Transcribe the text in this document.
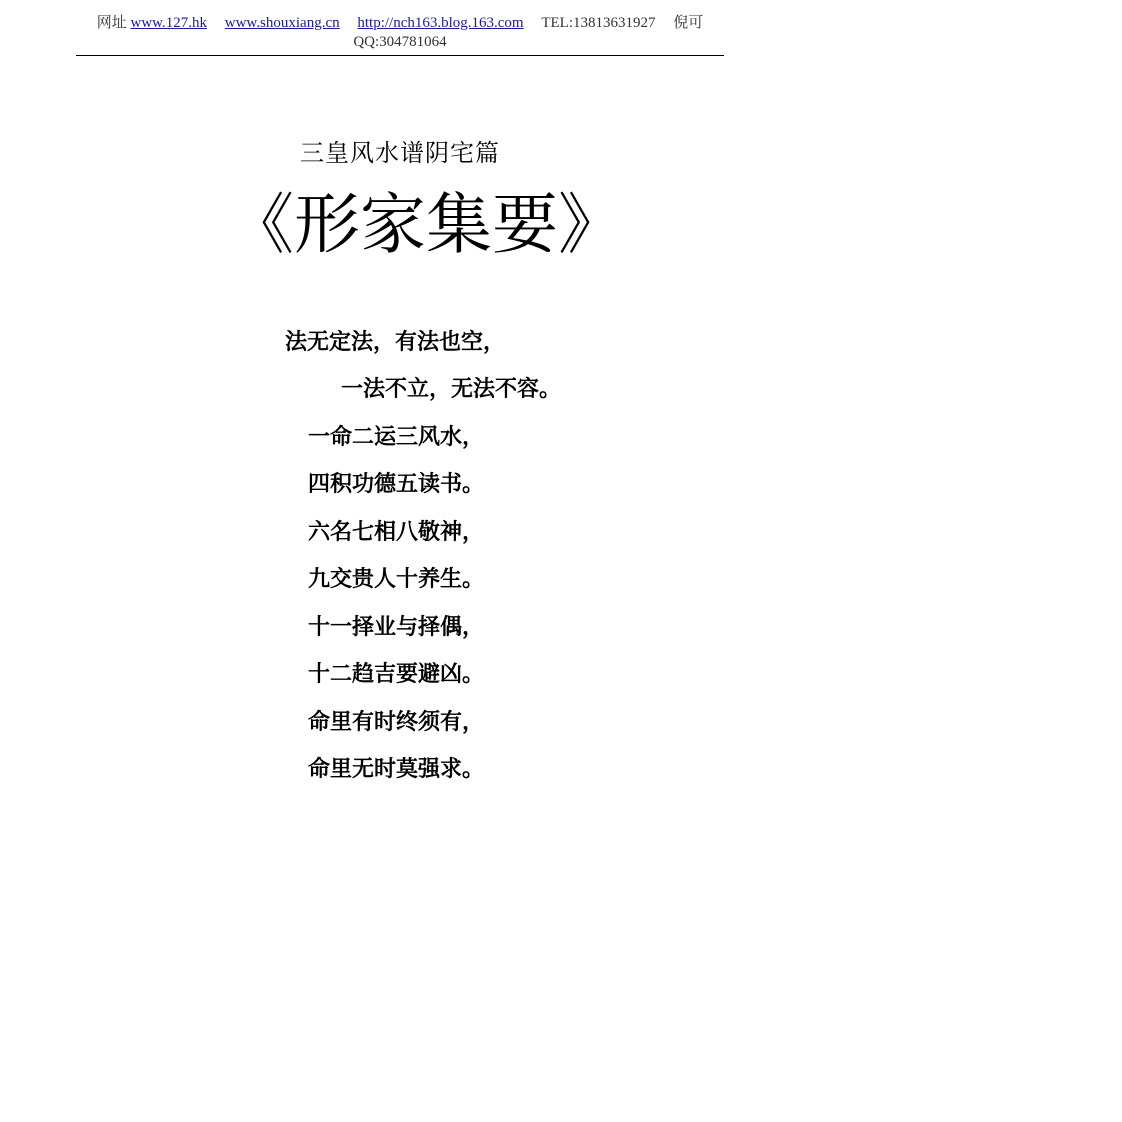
网址 www.127.hk www.shouxiang.cn http://nch163.blog.163.com TEL:13813631927 倪可
QQ:304781064
三皇风水谱阴宅篇
《形家集要》
法无定法，有法也空，
一法不立，无法不容。
一命二运三风水，
四积功德五读书。
六名七相八敬神，
九交贵人十养生。
十一择业与择偶，
十二趋吉要避凶。
命里有时终须有，
命里无时莫强求。
